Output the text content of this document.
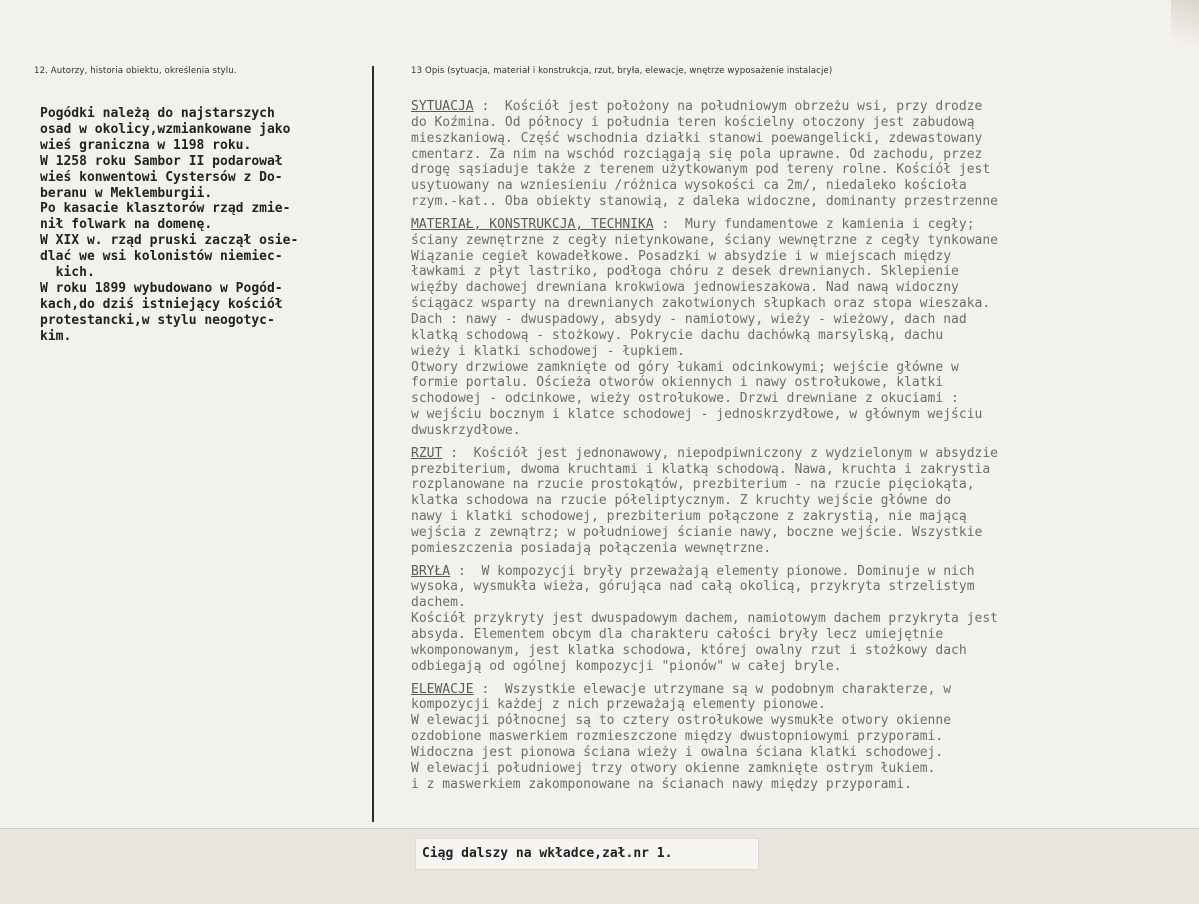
12. Autorzy, historia obiektu, określenia stylu.	13 Opis (sytuacja, materiał i konstrukcja, rzut, bryła, elewacje, wnętrze wyposażenie instalacje)
Pogódki należą do najstarszych
osad w okolicy,wzmiankowane jako
wieś graniczna w 1198 roku.
W 1258 roku Sambor II podarował
wieś konwentowi Cystersów z Do-
beranu w Meklemburgii.
Po kasacie klasztorów rząd zmie-
nił folwark na domenę.
W XIX w. rząd pruski zaczął osie-
dlać we wsi kolonistów niemiec-
kich.
W roku 1899 wybudowano w Pogód-
kach,do dziś istniejący kościół
protestancki,w stylu neogotyc-
kim.
SYTUACJA :  Kościół jest położony na południowym obrzeżu wsi, przy drodze
do Koźmina. Od północy i południa teren kościelny otoczony jest zabudową
mieszkaniową. Część wschodnia działki stanowi poewangelicki, zdewastowany
cmentarz. Za nim na wschód rozciągają się pola uprawne. Od zachodu, przez
drogę sąsiaduje także z terenem użytkowanym pod tereny rolne. Kościół jest
usytuowany na wzniesieniu /różnica wysokości ca 2m/, niedaleko kościoła
rzym.-kat.. Oba obiekty stanowią, z daleka widoczne, dominanty przestrzenne
MATERIAŁ, KONSTRUKCJA, TECHNIKA :  Mury fundamentowe z kamienia i cegły;
ściany zewnętrzne z cegły nietynkowane, ściany wewnętrzne z cegły tynkowane
Wiązanie cegieł kowadełkowe. Posadzki w absydzie i w miejscach między
ławkami z płyt lastriko, podłoga chóru z desek drewnianych. Sklepienie
więźby dachowej drewniana krokwiowa jednowieszakowa. Nad nawą widoczny
ściągacz wsparty na drewnianych zakotwionych słupkach oraz stopa wieszaka.
Dach : nawy - dwuspadowy, absydy - namiotowy, wieży - wieżowy, dach nad
klatką schodową - stożkowy. Pokrycie dachu dachówką marsylską, dachu
wieży i klatki schodowej - łupkiem.
Otwory drzwiowe zamknięte od góry łukami odcinkowymi; wejście główne w
formie portalu. Ościeża otworów okiennych i nawy ostrołukowe, klatki
schodowej - odcinkowe, wieży ostrołukowe. Drzwi drewniane z okuciami :
w wejściu bocznym i klatce schodowej - jednoskrzydłowe, w głównym wejściu
dwuskrzydłowe.
RZUT :  Kościół jest jednonawowy, niepodpiwniczony z wydzielonym w absydzie
prezbiterium, dwoma kruchtami i klatką schodową. Nawa, kruchta i zakrystia
rozplanowane na rzucie prostokątów, prezbiterium - na rzucie pięciokąta,
klatka schodowa na rzucie półeliptycznym. Z kruchty wejście główne do
nawy i klatki schodowej, prezbiterium połączone z zakrystią, nie mającą
wejścia z zewnątrz; w południowej ścianie nawy, boczne wejście. Wszystkie
pomieszczenia posiadają połączenia wewnętrzne.
BRYŁA :  W kompozycji bryły przeważają elementy pionowe. Dominuje w nich
wysoka, wysmukła wieża, górująca nad całą okolicą, przykryta strzelistym
dachem.
Kościół przykryty jest dwuspadowym dachem, namiotowym dachem przykryta jest
absyda. Elementem obcym dla charakteru całości bryły lecz umiejętnie
wkomponowanym, jest klatka schodowa, której owalny rzut i stożkowy dach
odbiegają od ogólnej kompozycji "pionów" w całej bryle.
ELEWACJE :  Wszystkie elewacje utrzymane są w podobnym charakterze, w
kompozycji każdej z nich przeważają elementy pionowe.
W elewacji północnej są to cztery ostrołukowe wysmukłe otwory okienne
ozdobione maswerkiem rozmieszczone między dwustopniowymi przyporami.
Widoczna jest pionowa ściana wieży i owalna ściana klatki schodowej.
W elewacji południowej trzy otwory okienne zamknięte ostrym łukiem.
i z maswerkiem zakomponowane na ścianach nawy między przyporami.
Ciąg dalszy na wkładce,zał.nr 1.
